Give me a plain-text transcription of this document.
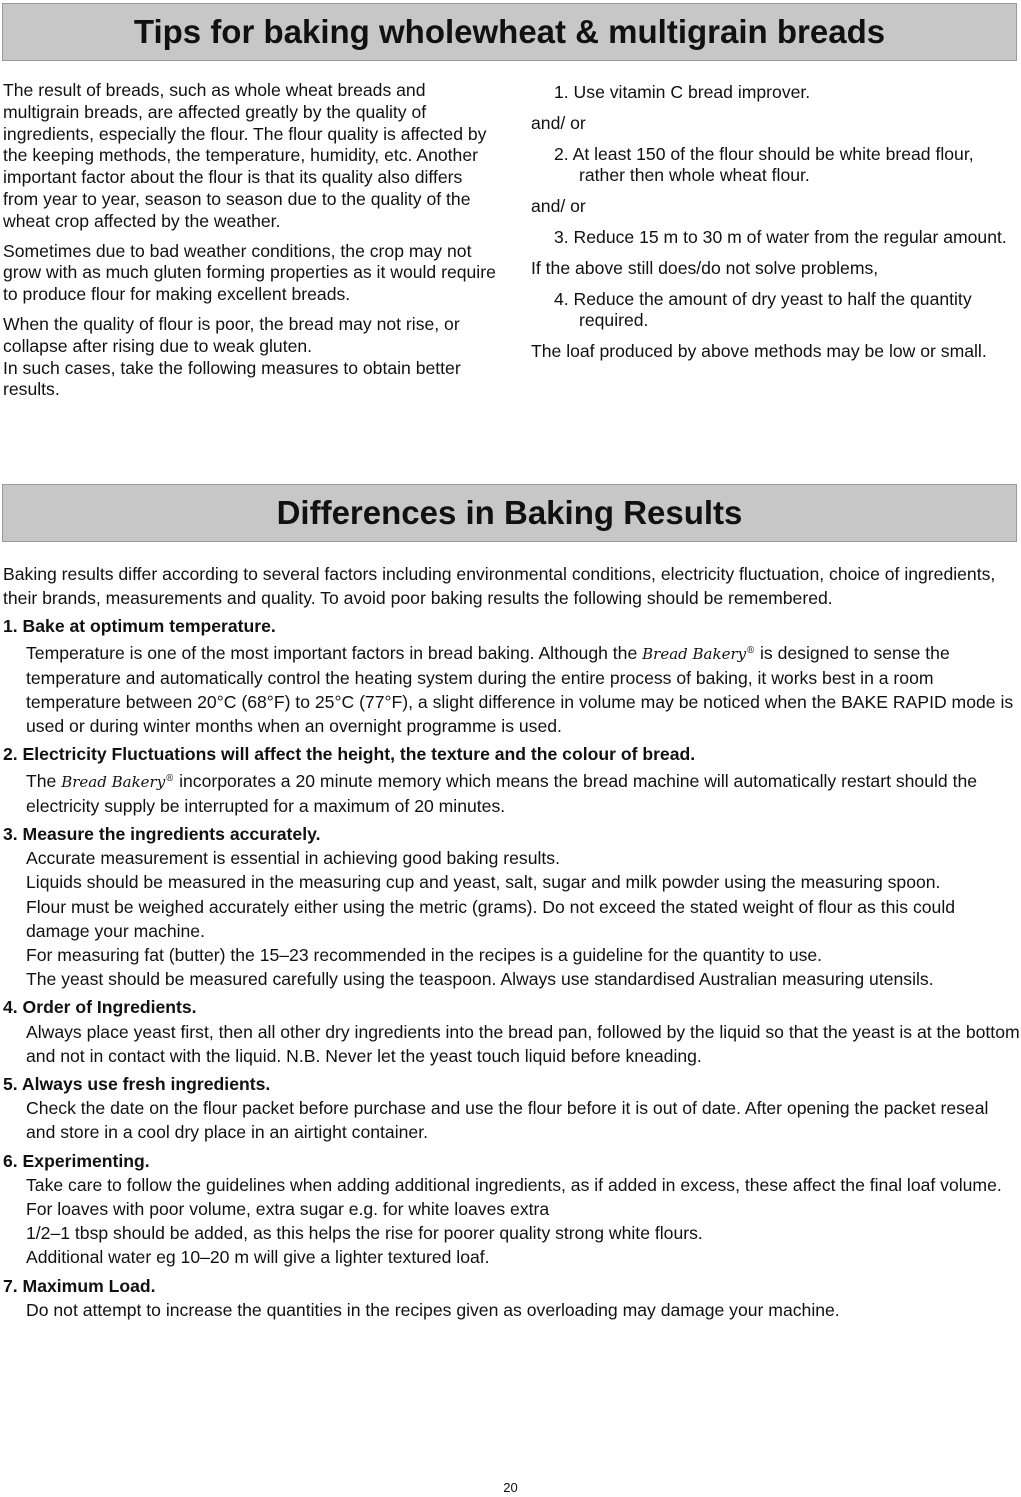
Tips for baking wholewheat & multigrain breads

The result of breads, such as whole wheat breads and multigrain breads, are affected greatly by the quality of ingredients, especially the flour. The flour quality is affected by the keeping methods, the temperature, humidity, etc. Another important factor about the flour is that its quality also differs from year to year, season to season due to the quality of the wheat crop affected by the weather.

Sometimes due to bad weather conditions, the crop may not grow with as much gluten forming properties as it would require to produce flour for making excellent breads.

When the quality of flour is poor, the bread may not rise, or collapse after rising due to weak gluten.

In such cases, take the following measures to obtain better results.

1. Use vitamin C bread improver.
and/ or
2. At least 150 of the flour should be white bread flour, rather then whole wheat flour.
and/ or
3. Reduce 15 m to 30 m of water from the regular amount.
If the above still does/do not solve problems,
4. Reduce the amount of dry yeast to half the quantity required.
The loaf produced by above methods may be low or small.
Differences in Baking Results

Baking results differ according to several factors including environmental conditions, electricity fluctuation, choice of ingredients, their brands, measurements and quality. To avoid poor baking results the following should be remembered.

1. Bake at optimum temperature.
Temperature is one of the most important factors in bread baking. Although the Bread Bakery® is designed to sense the temperature and automatically control the heating system during the entire process of baking, it works best in a room temperature between 20°C (68°F) to 25°C (77°F), a slight difference in volume may be noticed when the BAKE RAPID mode is used or during winter months when an overnight programme is used.
2. Electricity Fluctuations will affect the height, the texture and the colour of bread.
The Bread Bakery® incorporates a 20 minute memory which means the bread machine will automatically restart should the electricity supply be interrupted for a maximum of 20 minutes.
3. Measure the ingredients accurately.
Accurate measurement is essential in achieving good baking results.
Liquids should be measured in the measuring cup and yeast, salt, sugar and milk powder using the measuring spoon.
Flour must be weighed accurately either using the metric (grams). Do not exceed the stated weight of flour as this could damage your machine.
For measuring fat (butter) the 15–23 recommended in the recipes is a guideline for the quantity to use.
The yeast should be measured carefully using the teaspoon. Always use standardised Australian measuring utensils.
4. Order of Ingredients.
Always place yeast first, then all other dry ingredients into the bread pan, followed by the liquid so that the yeast is at the bottom and not in contact with the liquid. N.B. Never let the yeast touch liquid before kneading.
5. Always use fresh ingredients.
Check the date on the flour packet before purchase and use the flour before it is out of date. After opening the packet reseal and store in a cool dry place in an airtight container.
6. Experimenting.
Take care to follow the guidelines when adding additional ingredients, as if added in excess, these affect the final loaf volume. For loaves with poor volume, extra sugar e.g. for white loaves extra
1/2–1 tbsp should be added, as this helps the rise for poorer quality strong white flours.
Additional water eg 10–20 m will give a lighter textured loaf.
7. Maximum Load.
Do not attempt to increase the quantities in the recipes given as overloading may damage your machine.
20
